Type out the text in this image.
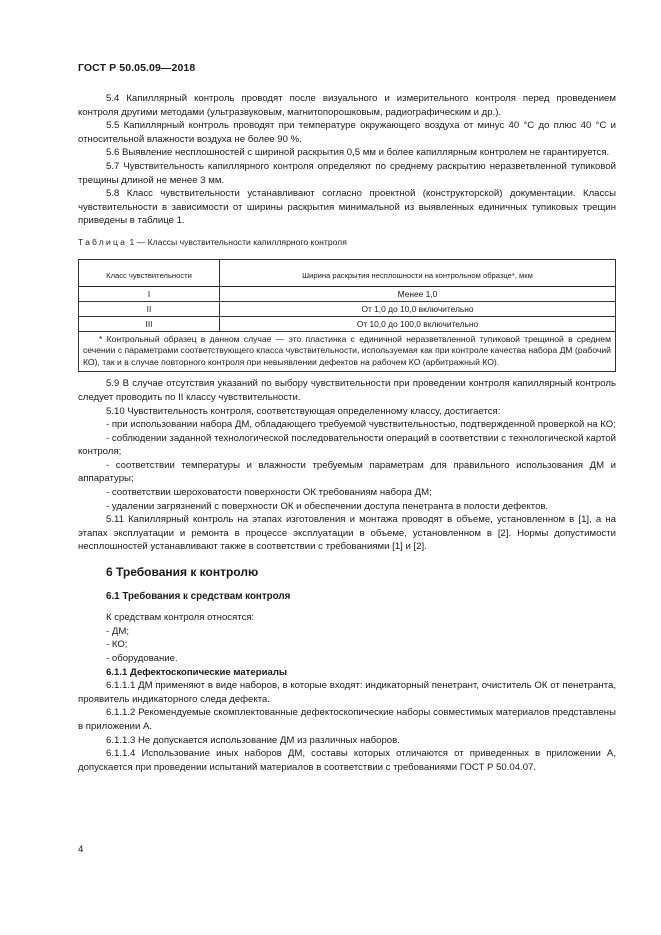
ГОСТ Р 50.05.09—2018

5.4 Капиллярный контроль проводят после визуального и измерительного контроля перед проведением контроля другими методами (ультразвуковым, магнитопорошковым, радиографическим и др.).

5.5 Капиллярный контроль проводят при температуре окружающего воздуха от минус 40 °С до плюс 40 °С и относительной влажности воздуха не более 90 %.

5.6 Выявление несплошностей с шириной раскрытия 0,5 мм и более капиллярным контролем не гарантируется.

5.7 Чувствительность капиллярного контроля определяют по среднему раскрытию неразветвленной тупиковой трещины длиной не менее 3 мм.

5.8 Класс чувствительности устанавливают согласно проектной (конструкторской) документации. Классы чувствительности в зависимости от ширины раскрытия минимальной из выявленных единичных тупиковых трещин приведены в таблице 1.

Таблица 1 — Классы чувствительности капиллярного контроля
Класс чувствительности	Ширина раскрытия несплошности на контрольном образце*, мкм
I	Менее 1,0
II	От 1,0 до 10,0 включительно
III	От 10,0 до 100,0 включительно
* Контрольный образец в данном случае — это пластинка с единичной неразветвленной тупиковой трещиной в среднем сечении с параметрами соответствующего класса чувствительности, используемая как при контроле качества набора ДМ (рабочий КО), так и в случае повторного контроля при невыявлении дефектов на рабочем КО (арбитражный КО).	

5.9 В случае отсутствия указаний по выбору чувствительности при проведении контроля капиллярный контроль следует проводить по II классу чувствительности.

5.10 Чувствительность контроля, соответствующая определенному классу, достигается:

- при использовании набора ДМ, обладающего требуемой чувствительностью, подтвержденной проверкой на КО;

- соблюдении заданной технологической последовательности операций в соответствии с технологической картой контроля;

- соответствии температуры и влажности требуемым параметрам для правильного использования ДМ и аппаратуры;

- соответствии шероховатости поверхности ОК требованиям набора ДМ;

- удалении загрязнений с поверхности ОК и обеспечении доступа пенетранта в полости дефектов.

5.11 Капиллярный контроль на этапах изготовления и монтажа проводят в объеме, установленном в [1], а на этапах эксплуатации и ремонта в процессе эксплуатации в объеме, установленном в [2]. Нормы допустимости несплошностей устанавливают также в соответствии с требованиями [1] и [2].

6 Требования к контролю
6.1 Требования к средствам контроля

К средствам контроля относятся:

- ДМ;

- КО;

- оборудование.

6.1.1 Дефектоскопические материалы

6.1.1.1 ДМ применяют в виде наборов, в которые входят: индикаторный пенетрант, очиститель ОК от пенетранта, проявитель индикаторного следа дефекта.

6.1.1.2 Рекомендуемые скомплектованные дефектоскопические наборы совместимых материалов представлены в приложении А.

6.1.1.3 Не допускается использование ДМ из различных наборов.

6.1.1.4 Использование иных наборов ДМ, составы которых отличаются от приведенных в приложении А, допускается при проведении испытаний материалов в соответствии с требованиями ГОСТ Р 50.04.07.

4
